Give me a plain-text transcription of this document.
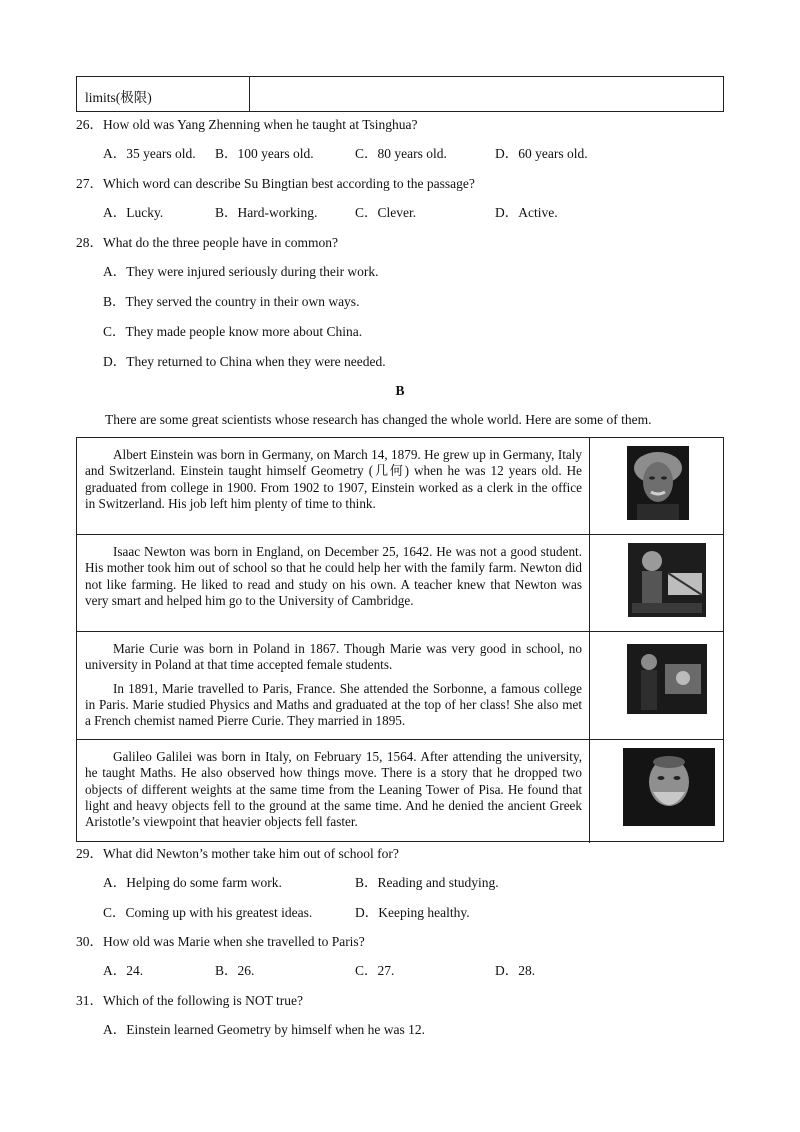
limits(极限)
26．How old was Yang Zhenning when he taught at Tsinghua?
A．35 years old. B．100 years old.	C．80 years old.	D．60 years old.
27．Which word can describe Su Bingtian best according to the passage?
A．Lucky.	B．Hard-working.	C．Clever.	D．Active.
28．What do the three people have in common?
A．They were injured seriously during their work.
B．They served the country in their own ways.
C．They made people know more about China.
D．They returned to China when they were needed.
B
There are some great scientists whose research has changed the whole world. Here are some of them.

Albert Einstein was born in Germany, on March 14, 1879. He grew up in Germany, Italy and Switzerland. Einstein taught himself Geometry (几何) when he was 12 years old. He graduated from college in 1900. From 1902 to 1907, Einstein worked as a clerk in the office in Switzerland. His job left him plenty of time to think.

Isaac Newton was born in England, on December 25, 1642. He was not a good student. His mother took him out of school so that he could help her with the family farm. Newton did not like farming. He liked to read and study on his own. A teacher knew that Newton was very smart and helped him go to the University of Cambridge.

Marie Curie was born in Poland in 1867. Though Marie was very good in school, no university in Poland at that time accepted female students.

In 1891, Marie travelled to Paris, France. She attended the Sorbonne, a famous college in Paris. Marie studied Physics and Maths and graduated at the top of her class! She also met a French chemist named Pierre Curie. They married in 1895.

Galileo Galilei was born in Italy, on February 15, 1564. After attending the university, he taught Maths. He also observed how things move. There is a story that he dropped two objects of different weights at the same time from the Leaning Tower of Pisa. He found that light and heavy objects fell to the ground at the same time. And he denied the ancient Greek Aristotle’s viewpoint that heavier objects fell faster.

29．What did Newton’s mother take him out of school for?
A．Helping do some farm work.	B．Reading and studying.
C．Coming up with his greatest ideas.	D．Keeping healthy.
30．How old was Marie when she travelled to Paris?
A．24.	B．26.	C．27.	D．28.
31．Which of the following is NOT true?
A．Einstein learned Geometry by himself when he was 12.
